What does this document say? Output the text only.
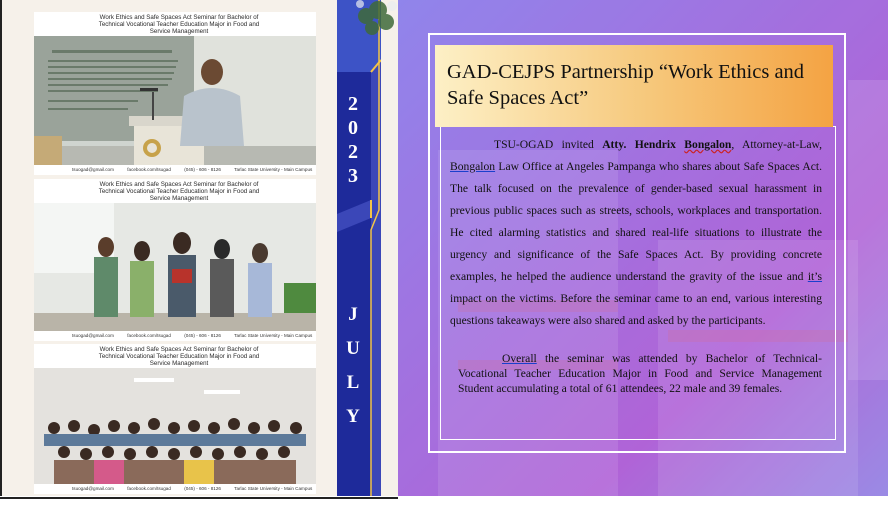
Work Ethics and Safe Spaces Act Seminar for Bachelor of Technical Vocational Teacher Education Major in Food and Service Management
tsuogad@gmail.com	facebook.com/tsugad	(045) - 606 - 8126	Tarlac State University - Main Campus
Work Ethics and Safe Spaces Act Seminar for Bachelor of Technical Vocational Teacher Education Major in Food and Service Management
tsuogad@gmail.com	facebook.com/tsugad	(045) - 606 - 8126	Tarlac State University - Main Campus
Work Ethics and Safe Spaces Act Seminar for Bachelor of Technical Vocational Teacher Education Major in Food and Service Management
tsuogad@gmail.com	facebook.com/tsugad	(045) - 606 - 8126	Tarlac State University - Main Campus
2
0
2
3
J
U
L
Y
GAD-CEJPS Partnership “Work Ethics and Safe Spaces Act”

TSU-OGAD invited Atty. Hendrix Bongalon, Attorney-at-Law, Bongalon Law Office at Angeles Pampanga who shares about Safe Spaces Act. The talk focused on the prevalence of gender-based sexual harassment in previous public spaces such as streets, schools, workplaces and transportation. He cited alarming statistics and shared real-life situations to illustrate the urgency and significance of the Safe Spaces Act. By providing concrete examples, he helped the audience understand the gravity of the issue and it’s impact on the victims. Before the seminar came to an end, various interesting questions takeaways were also shared and asked by the participants.

Overall the seminar was attended by Bachelor of Technical-Vocational Teacher Education Major in Food and Service Management Student accumulating a total of 61 attendees, 22 male and 39 females.
